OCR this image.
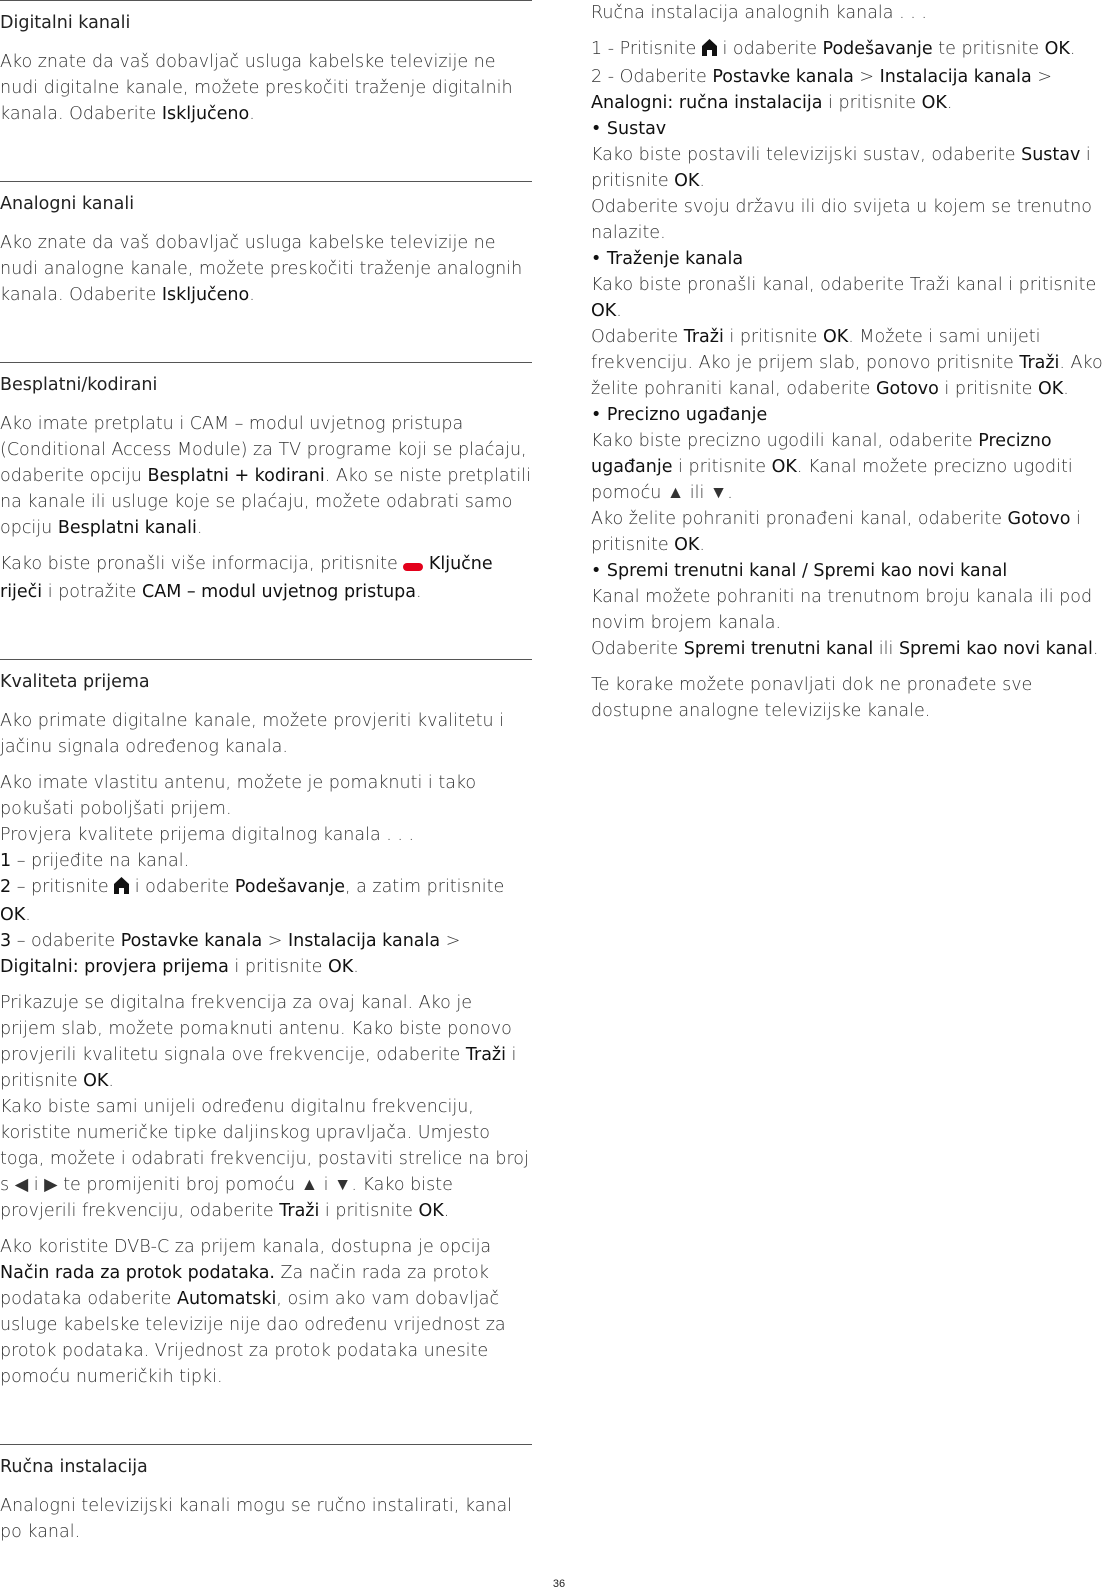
Digitalni kanali

Ako znate da vaš dobavljač usluga kabelske televizije ne nudi digitalne kanale, možete preskočiti traženje digitalnih kanala. Odaberite Isključeno.

Analogni kanali

Ako znate da vaš dobavljač usluga kabelske televizije ne nudi analogne kanale, možete preskočiti traženje analognih kanala. Odaberite Isključeno.

Besplatni/kodirani

Ako imate pretplatu i CAM – modul uvjetnog pristupa (Conditional Access Module) za TV programe koji se plaćaju, odaberite opciju Besplatni + kodirani. Ako se niste pretplatili na kanale ili usluge koje se plaćaju, možete odabrati samo opciju Besplatni kanali.

Kako biste pronašli više informacija, pritisnite  Ključne riječi i potražite CAM – modul uvjetnog pristupa.

Kvaliteta prijema

Ako primate digitalne kanale, možete provjeriti kvalitetu i jačinu signala određenog kanala.

Ako imate vlastitu antenu, možete je pomaknuti i tako pokušati poboljšati prijem.
Provjera kvalitete prijema digitalnog kanala . . .
1 – prijeđite na kanal.
2 – pritisnite  i odaberite Podešavanje, a zatim pritisnite OK.
3 – odaberite Postavke kanala > Instalacija kanala > Digitalni: provjera prijema i pritisnite OK.

Prikazuje se digitalna frekvencija za ovaj kanal. Ako je prijem slab, možete pomaknuti antenu. Kako biste ponovo provjerili kvalitetu signala ove frekvencije, odaberite Traži i pritisnite OK.
Kako biste sami unijeli određenu digitalnu frekvenciju, koristite numeričke tipke daljinskog upravljača. Umjesto toga, možete i odabrati frekvenciju, postaviti strelice na broj s ◀ i ▶ te promijeniti broj pomoću ▲ i ▼. Kako biste provjerili frekvenciju, odaberite Traži i pritisnite OK.

Ako koristite DVB-C za prijem kanala, dostupna je opcija Način rada za protok podataka. Za način rada za protok podataka odaberite Automatski, osim ako vam dobavljač usluge kabelske televizije nije dao određenu vrijednost za protok podataka. Vrijednost za protok podataka unesite pomoću numeričkih tipki.

Ručna instalacija

Analogni televizijski kanali mogu se ručno instalirati, kanal po kanal.

Ručna instalacija analognih kanala . . .

1 - Pritisnite  i odaberite Podešavanje te pritisnite OK.
2 - Odaberite Postavke kanala > Instalacija kanala > Analogni: ručna instalacija i pritisnite OK.
• Sustav
Kako biste postavili televizijski sustav, odaberite Sustav i pritisnite OK.
Odaberite svoju državu ili dio svijeta u kojem se trenutno nalazite.
• Traženje kanala
Kako biste pronašli kanal, odaberite Traži kanal i pritisnite OK.
Odaberite Traži i pritisnite OK. Možete i sami unijeti frekvenciju. Ako je prijem slab, ponovo pritisnite Traži. Ako želite pohraniti kanal, odaberite Gotovo i pritisnite OK.
• Precizno ugađanje
Kako biste precizno ugodili kanal, odaberite Precizno ugađanje i pritisnite OK. Kanal možete precizno ugoditi pomoću ▲ ili ▼.
Ako želite pohraniti pronađeni kanal, odaberite Gotovo i pritisnite OK.
• Spremi trenutni kanal / Spremi kao novi kanal
Kanal možete pohraniti na trenutnom broju kanala ili pod novim brojem kanala.
Odaberite Spremi trenutni kanal ili Spremi kao novi kanal.

Te korake možete ponavljati dok ne pronađete sve dostupne analogne televizijske kanale.

36
